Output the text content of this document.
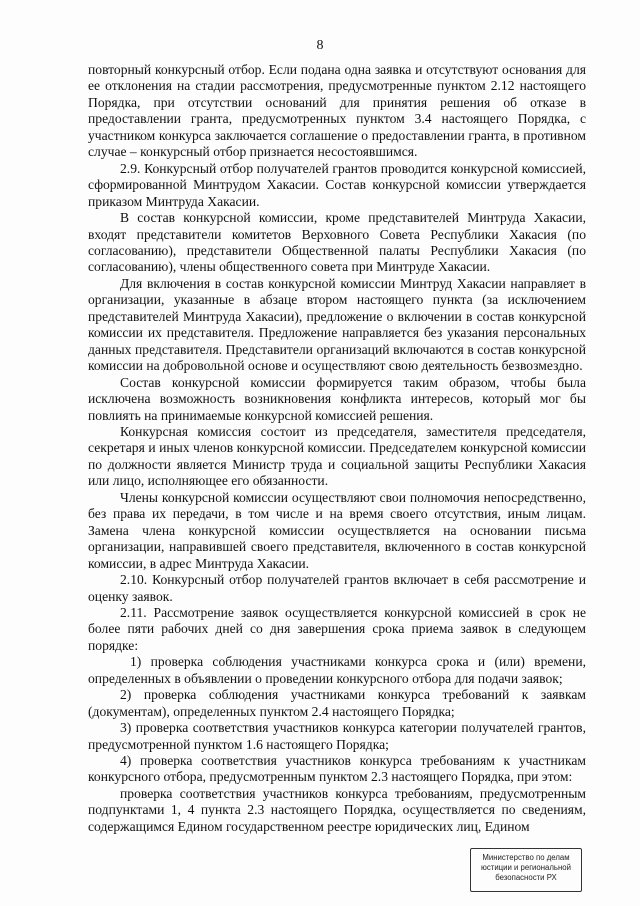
8

повторный конкурсный отбор. Если подана одна заявка и отсутствуют основания для ее отклонения на стадии рассмотрения, предусмотренные пунктом 2.12 настоящего Порядка, при отсутствии оснований для принятия решения об отказе в предоставлении гранта, предусмотренных пунктом 3.4 настоящего Порядка, с участником конкурса заключается соглашение о предоставлении гранта, в противном случае – конкурсный отбор признается несостоявшимся.

2.9. Конкурсный отбор получателей грантов проводится конкурсной комиссией, сформированной Минтрудом Хакасии. Состав конкурсной комиссии утверждается приказом Минтруда Хакасии.

В состав конкурсной комиссии, кроме представителей Минтруда Хакасии, входят представители комитетов Верховного Совета Республики Хакасия (по согласованию), представители Общественной палаты Республики Хакасия (по согласованию), члены общественного совета при Минтруде Хакасии.

Для включения в состав конкурсной комиссии Минтруд Хакасии направляет в организации, указанные в абзаце втором настоящего пункта (за исключением представителей Минтруда Хакасии), предложение о включении в состав конкурсной комиссии их представителя. Предложение направляется без указания персональных данных представителя. Представители организаций включаются в состав конкурсной комиссии на добровольной основе и осуществляют свою деятельность безвозмездно.

Состав конкурсной комиссии формируется таким образом, чтобы была исключена возможность возникновения конфликта интересов, который мог бы повлиять на принимаемые конкурсной комиссией решения.

Конкурсная комиссия состоит из председателя, заместителя председателя, секретаря и иных членов конкурсной комиссии. Председателем конкурсной комиссии по должности является Министр труда и социальной защиты Республики Хакасия или лицо, исполняющее его обязанности.

Члены конкурсной комиссии осуществляют свои полномочия непосредственно, без права их передачи, в том числе и на время своего отсутствия, иным лицам. Замена члена конкурсной комиссии осуществляется на основании письма организации, направившей своего представителя, включенного в состав конкурсной комиссии, в адрес Минтруда Хакасии.

2.10. Конкурсный отбор получателей грантов включает в себя рассмотрение и оценку заявок.

2.11. Рассмотрение заявок осуществляется конкурсной комиссией в срок не более пяти рабочих дней со дня завершения срока приема заявок в следующем порядке:

1) проверка соблюдения участниками конкурса срока и (или) времени, определенных в объявлении о проведении конкурсного отбора для подачи заявок;

2) проверка соблюдения участниками конкурса требований к заявкам (документам), определенных пунктом 2.4 настоящего Порядка;

3) проверка соответствия участников конкурса категории получателей грантов, предусмотренной пунктом 1.6 настоящего Порядка;

4) проверка соответствия участников конкурса требованиям к участникам конкурсного отбора, предусмотренным пунктом 2.3 настоящего Порядка, при этом:

проверка соответствия участников конкурса требованиям, предусмотренным подпунктами 1, 4 пункта 2.3 настоящего Порядка, осуществляется по сведениям, содержащимся Едином государственном реестре юридических лиц, Едином

Министерство по делам
юстиции и региональной
безопасности РХ
